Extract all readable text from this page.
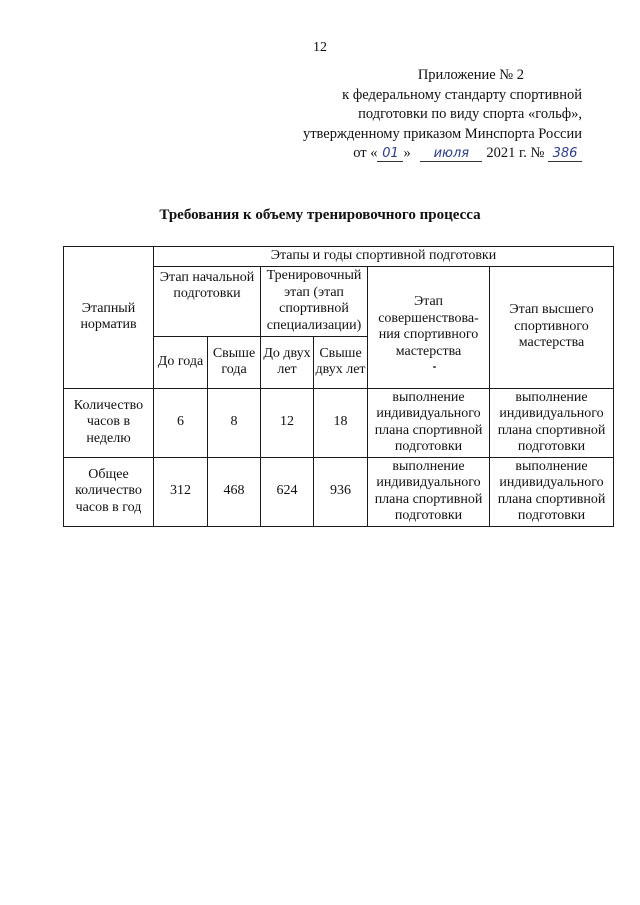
12
Приложение № 2
к федеральному стандарту спортивной
подготовки по виду спорта «гольф»,
утвержденному приказом Минспорта России
от « 01 » июля 2021 г. № 386
Требования к объему тренировочного процесса
Этапный норматив	Этапы и годы спортивной подготовки					
	Этап начальной подготовки		Тренировочный этап (этап спортивной специализации)		Этап совершенствова-ния спортивного мастерства	Этап высшего спортивного мастерства
	До года	Свыше года	До двух лет	Свыше двух лет		
Количество часов в неделю	6	8	12	18	выполнение индивидуального плана спортивной подготовки	выполнение индивидуального плана спортивной подготовки
Общее количество часов в год	312	468	624	936	выполнение индивидуального плана спортивной подготовки	выполнение индивидуального плана спортивной подготовки
